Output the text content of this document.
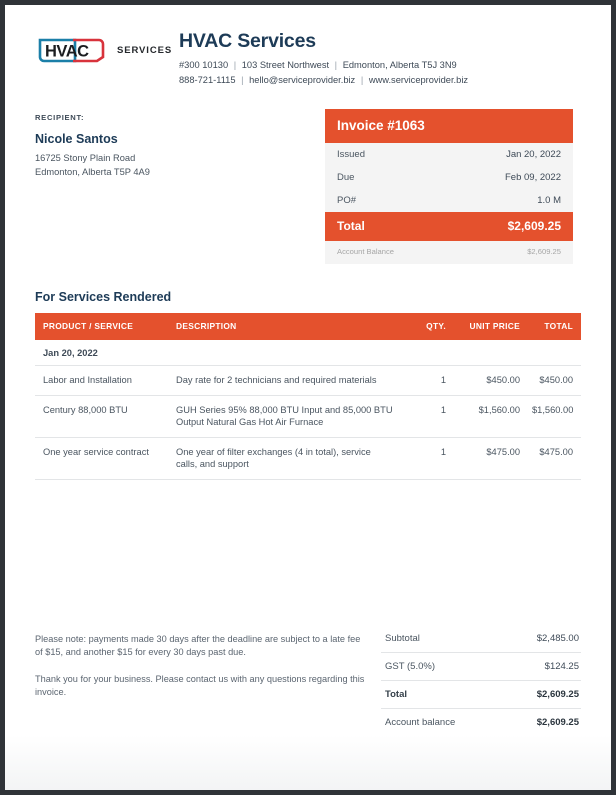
HVAC	SERVICES HVAC Services
#300 10130 | 103 Street Northwest | Edmonton, Alberta T5J 3N9
888-721-1115 | hello@serviceprovider.biz | www.serviceprovider.biz
RECIPIENT:
Nicole Santos
16725 Stony Plain Road
Edmonton, Alberta T5P 4A9
Invoice #1063
Issued	Jan 20, 2022
Due	Feb 09, 2022
PO#	1.0 M
Total	$2,609.25
Account Balance	$2,609.25
For Services Rendered
PRODUCT / SERVICE	DESCRIPTION	QTY.	UNIT PRICE	TOTAL
Jan 20, 2022				
Labor and Installation	Day rate for 2 technicians and required materials	1	$450.00	$450.00
Century 88,000 BTU	GUH Series 95% 88,000 BTU Input and 85,000 BTU Output Natural Gas Hot Air Furnace	1	$1,560.00	$1,560.00
One year service contract	One year of filter exchanges (4 in total), service calls, and support	1	$475.00	$475.00

Please note: payments made 30 days after the deadline are subject to a late fee of $15, and another $15 for every 30 days past due.

Thank you for your business. Please contact us with any questions regarding this invoice.

Subtotal	$2,485.00
GST (5.0%)	$124.25
Total	$2,609.25
Account balance	$2,609.25
